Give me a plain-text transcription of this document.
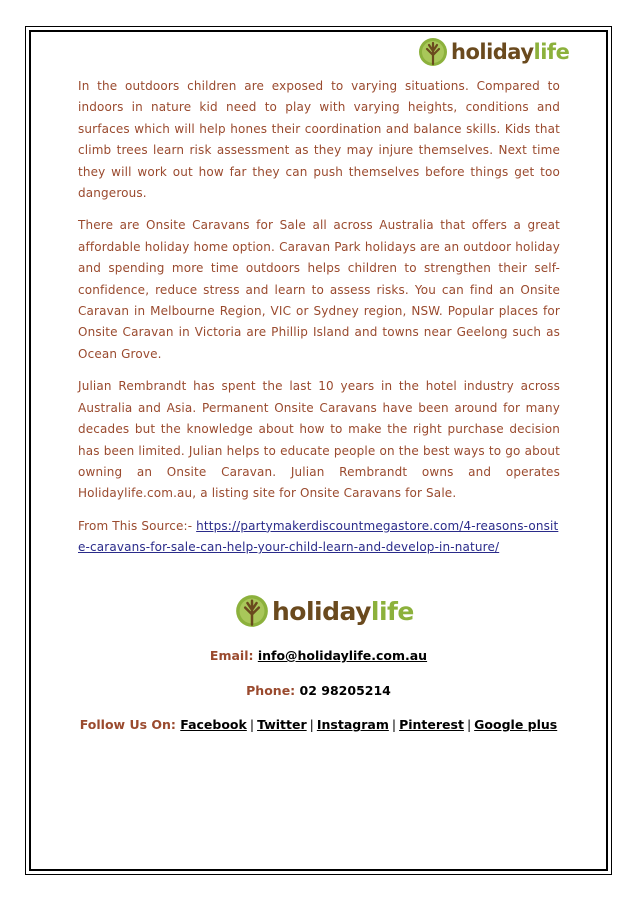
holiday life

In the outdoors children are exposed to varying situations. Compared to indoors in nature kid need to play with varying heights, conditions and surfaces which will help hones their coordination and balance skills. Kids that climb trees learn risk assessment as they may injure themselves. Next time they will work out how far they can push themselves before things get too dangerous.

There are Onsite Caravans for Sale all across Australia that offers a great affordable holiday home option. Caravan Park holidays are an outdoor holiday and spending more time outdoors helps children to strengthen their self-confidence, reduce stress and learn to assess risks. You can find an Onsite Caravan in Melbourne Region, VIC or Sydney region, NSW. Popular places for Onsite Caravan in Victoria are Phillip Island and towns near Geelong such as Ocean Grove.

Julian Rembrandt has spent the last 10 years in the hotel industry across Australia and Asia. Permanent Onsite Caravans have been around for many decades but the knowledge about how to make the right purchase decision has been limited. Julian helps to educate people on the best ways to go about owning an Onsite Caravan. Julian Rembrandt owns and operates Holidaylife.com.au, a listing site for Onsite Caravans for Sale.

From This Source:- https://partymakerdiscountmegastore.com/4-reasons-onsite-caravans-for-sale-can-help-your-child-learn-and-develop-in-nature/

holiday life
Email: info@holidaylife.com.au
Phone: 02 98205214
Follow Us On: Facebook | Twitter | Instagram | Pinterest | Google plus
